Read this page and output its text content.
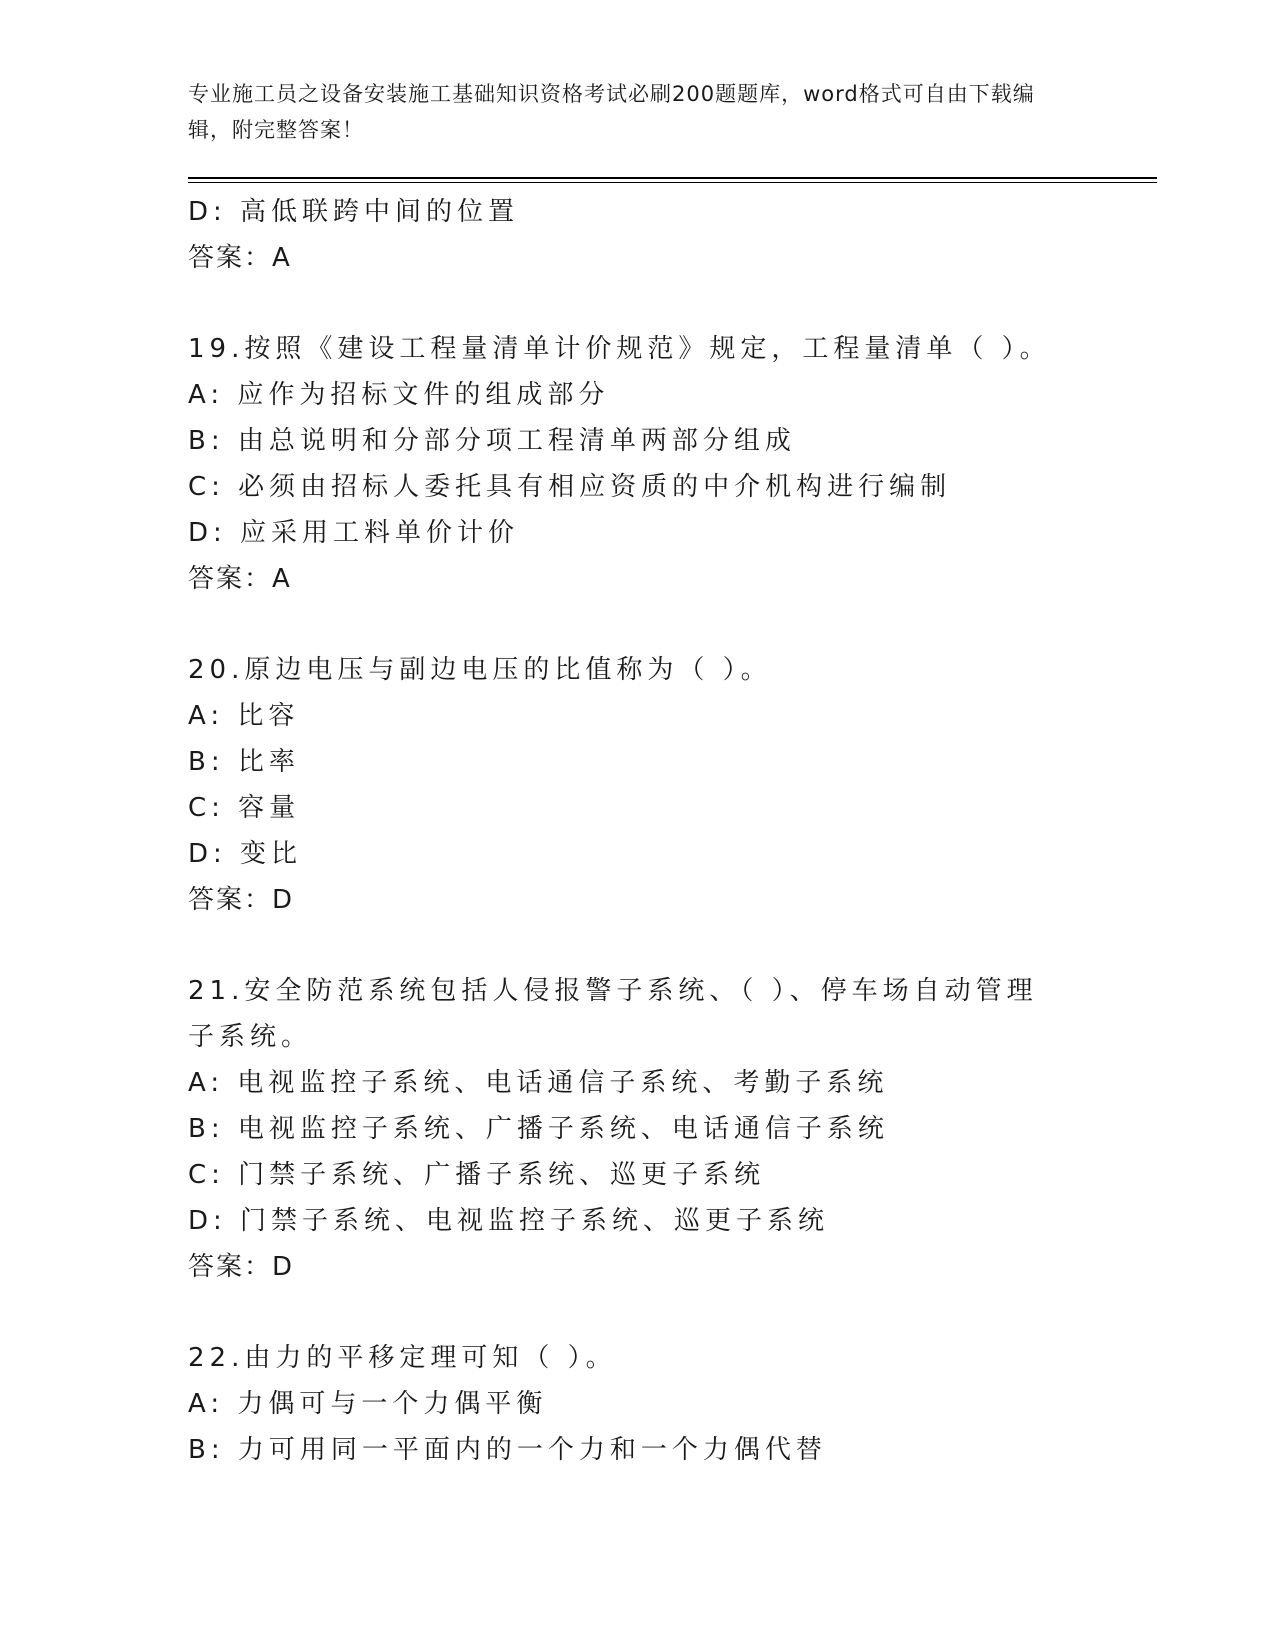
专业施工员之设备安装施工基础知识资格考试必刷200题题库，word格式可自由下载编辑，附完整答案！
D: 高低联跨中间的位置
答案：A
19.按照《建设工程量清单计价规范》规定，工程量清单（ ）。
A: 应作为招标文件的组成部分
B: 由总说明和分部分项工程清单两部分组成
C: 必须由招标人委托具有相应资质的中介机构进行编制
D: 应采用工料单价计价
答案：A
20.原边电压与副边电压的比值称为（ ）。
A: 比容
B: 比率
C: 容量
D: 变比
答案：D
21.安全防范系统包括人侵报警子系统、（ ）、停车场自动管理子系统。
A: 电视监控子系统、电话通信子系统、考勤子系统
B: 电视监控子系统、广播子系统、电话通信子系统
C: 门禁子系统、广播子系统、巡更子系统
D: 门禁子系统、电视监控子系统、巡更子系统
答案：D
22.由力的平移定理可知（ ）。
A: 力偶可与一个力偶平衡
B: 力可用同一平面内的一个力和一个力偶代替
